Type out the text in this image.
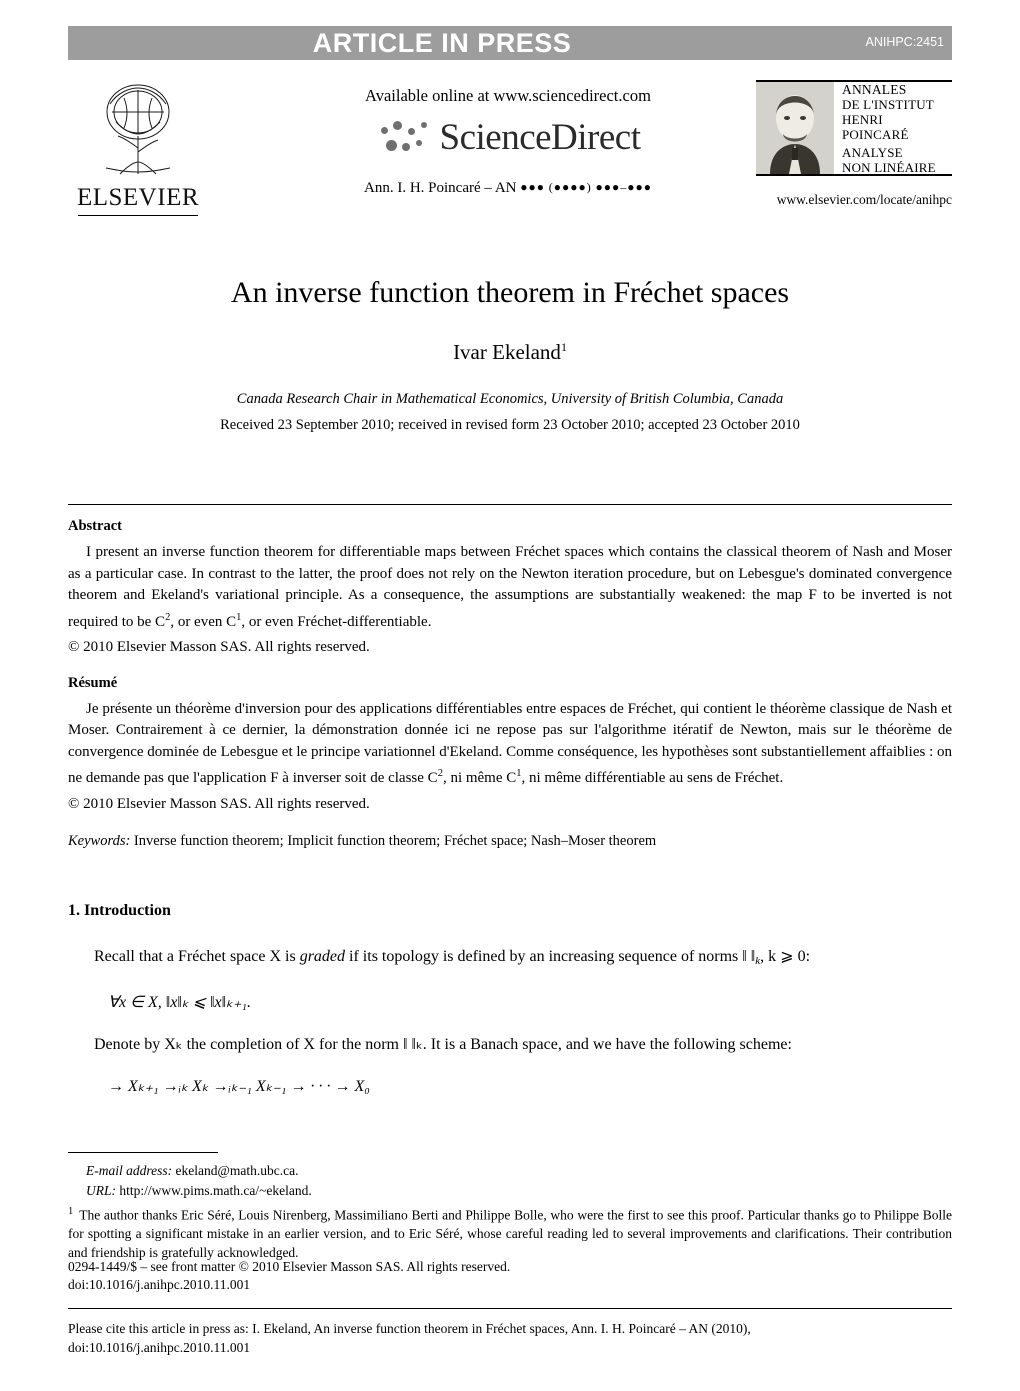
ARTICLE IN PRESS	ANIHPC:2451
ELSEVIER
Available online at www.sciencedirect.com
ScienceDirect
Ann. I. H. Poincaré – AN ●●● (●●●●) ●●●–●●●
ANNALES
DE L'INSTITUT
HENRI
POINCARÉ
ANALYSE
NON LINÉAIRE
www.elsevier.com/locate/anihpc
An inverse function theorem in Fréchet spaces
Ivar Ekeland$^1$
Canada Research Chair in Mathematical Economics, University of British Columbia, Canada
Received 23 September 2010; received in revised form 23 October 2010; accepted 23 October 2010
Abstract

I present an inverse function theorem for differentiable maps between Fréchet spaces which contains the classical theorem of Nash and Moser as a particular case. In contrast to the latter, the proof does not rely on the Newton iteration procedure, but on Lebesgue's dominated convergence theorem and Ekeland's variational principle. As a consequence, the assumptions are substantially weakened: the map F to be inverted is not required to be $C^2$, or even $C^1$, or even Fréchet-differentiable.

© 2010 Elsevier Masson SAS. All rights reserved.

Résumé

Je présente un théorème d'inversion pour des applications différentiables entre espaces de Fréchet, qui contient le théorème classique de Nash et Moser. Contrairement à ce dernier, la démonstration donnée ici ne repose pas sur l'algorithme itératif de Newton, mais sur le théorème de convergence dominée de Lebesgue et le principe variationnel d'Ekeland. Comme conséquence, les hypothèses sont substantiellement affaiblies : on ne demande pas que l'application F à inverser soit de classe $C^2$, ni même $C^1$, ni même différentiable au sens de Fréchet.

© 2010 Elsevier Masson SAS. All rights reserved.

Keywords: Inverse function theorem; Implicit function theorem; Fréchet space; Nash–Moser theorem
1. Introduction

Recall that a Fréchet space X is graded if its topology is defined by an increasing sequence of norms ‖ $‖_k$, k ⩾ 0:

∀x ∈ X, ‖x‖ₖ ⩽ ‖x‖ₖ₊₁.

Denote by Xₖ the completion of X for the norm ‖ ‖ₖ. It is a Banach space, and we have the following scheme:

→ Xₖ₊₁ →ᵢₖ Xₖ →ᵢₖ₋₁ Xₖ₋₁ → · · · → X₀
E-mail address: ekeland@math.ubc.ca.
URL: http://www.pims.math.ca/~ekeland.
$^1$ The author thanks Eric Séré, Louis Nirenberg, Massimiliano Berti and Philippe Bolle, who were the first to see this proof. Particular thanks go to Philippe Bolle for spotting a significant mistake in an earlier version, and to Eric Séré, whose careful reading led to several improvements and clarifications. Their contribution and friendship is gratefully acknowledged.
0294-1449/$ – see front matter © 2010 Elsevier Masson SAS. All rights reserved.
doi:10.1016/j.anihpc.2010.11.001
Please cite this article in press as: I. Ekeland, An inverse function theorem in Fréchet spaces, Ann. I. H. Poincaré – AN (2010),
doi:10.1016/j.anihpc.2010.11.001
